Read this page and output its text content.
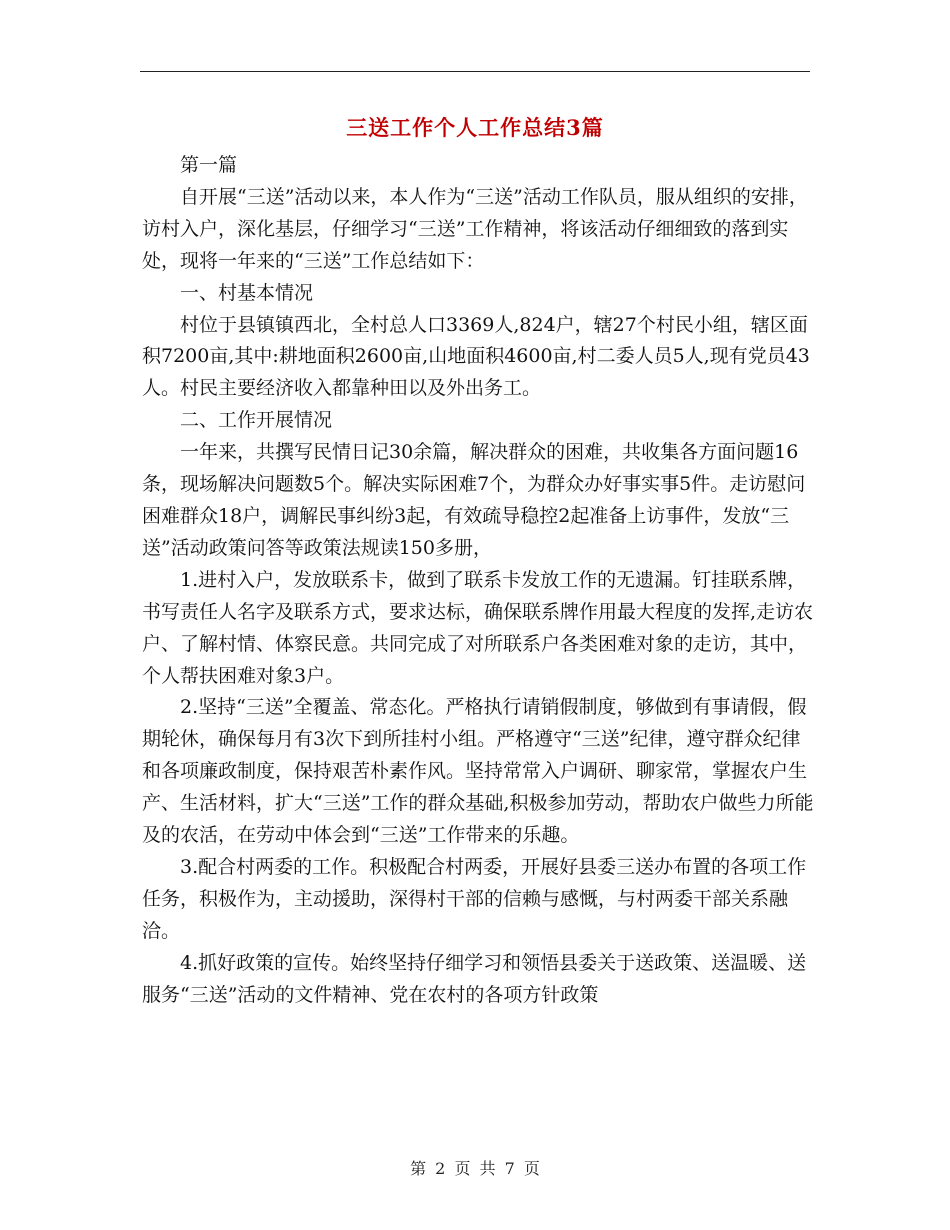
三送工作个人工作总结3篇

第一篇

自开展“三送”活动以来，本人作为“三送”活动工作队员，服从组织的安排，访村入户，深化基层，仔细学习“三送”工作精神，将该活动仔细细致的落到实处，现将一年来的“三送”工作总结如下：

一、村基本情况

村位于县镇镇西北，全村总人口3369人,824户，辖27个村民小组，辖区面积7200亩,其中:耕地面积2600亩,山地面积4600亩,村二委人员5人,现有党员43人。村民主要经济收入都靠种田以及外出务工。

二、工作开展情况

一年来，共撰写民情日记30余篇，解决群众的困难，共收集各方面问题16条，现场解决问题数5个。解决实际困难7个，为群众办好事实事5件。走访慰问困难群众18户，调解民事纠纷3起，有效疏导稳控2起准备上访事件，发放“三送”活动政策问答等政策法规读150多册，

1.进村入户，发放联系卡，做到了联系卡发放工作的无遗漏。钉挂联系牌，书写责任人名字及联系方式，要求达标，确保联系牌作用最大程度的发挥,走访农户、了解村情、体察民意。共同完成了对所联系户各类困难对象的走访，其中，个人帮扶困难对象3户。

2.坚持“三送”全覆盖、常态化。严格执行请销假制度，够做到有事请假，假期轮休，确保每月有3次下到所挂村小组。严格遵守“三送”纪律，遵守群众纪律和各项廉政制度，保持艰苦朴素作风。坚持常常入户调研、聊家常，掌握农户生产、生活材料，扩大“三送”工作的群众基础,积极参加劳动，帮助农户做些力所能及的农活，在劳动中体会到“三送”工作带来的乐趣。

3.配合村两委的工作。积极配合村两委，开展好县委三送办布置的各项工作任务，积极作为，主动援助，深得村干部的信赖与感慨，与村两委干部关系融洽。

4.抓好政策的宣传。始终坚持仔细学习和领悟县委关于送政策、送温暖、送服务“三送”活动的文件精神、党在农村的各项方针政策

第 2 页 共 7 页
